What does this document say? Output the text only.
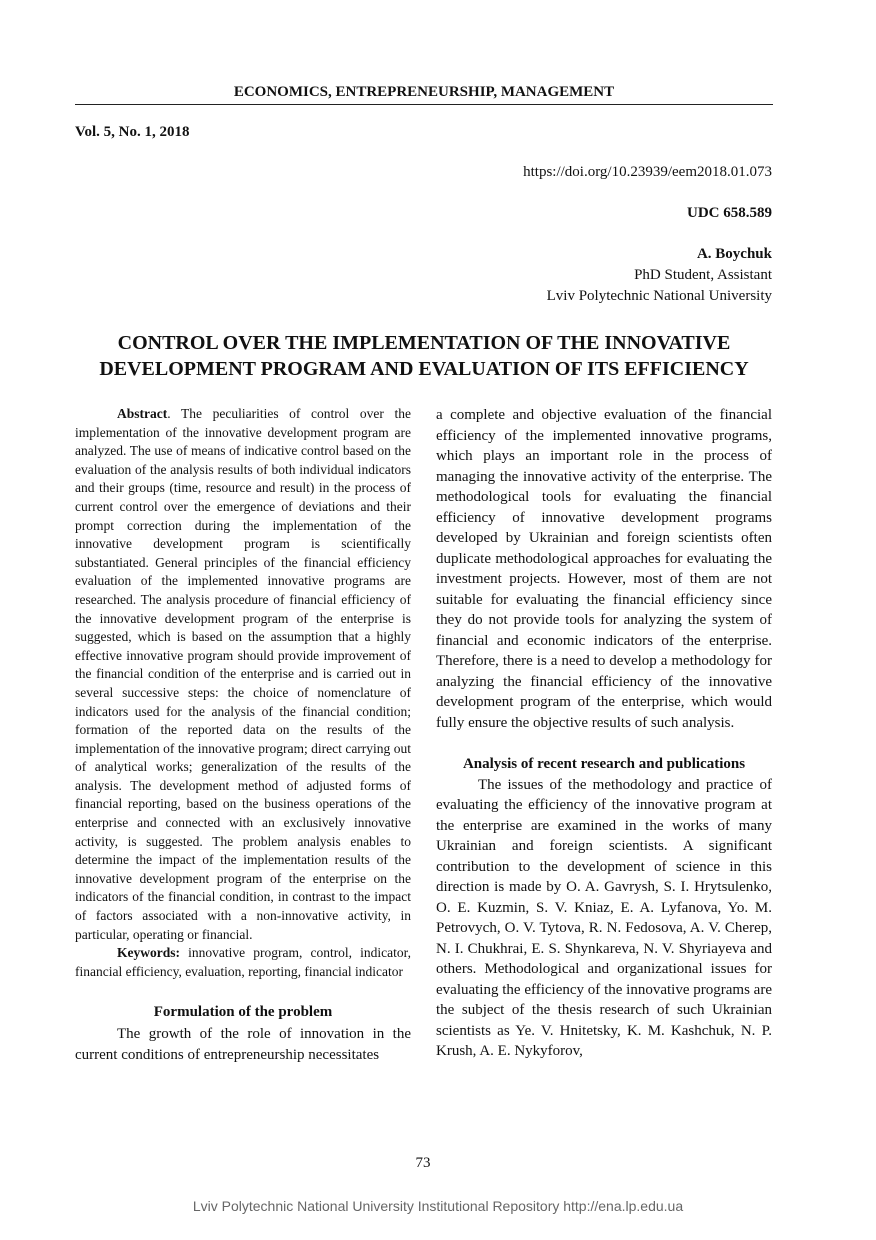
ECONOMICS, ENTREPRENEURSHIP, MANAGEMENT
Vol. 5, No. 1, 2018
https://doi.org/10.23939/eem2018.01.073
UDC 658.589
A. Boychuk
PhD Student, Assistant
Lviv Polytechnic National University
CONTROL OVER THE IMPLEMENTATION OF THE INNOVATIVE DEVELOPMENT PROGRAM AND EVALUATION OF ITS EFFICIENCY

Abstract. The peculiarities of control over the implementation of the innovative development program are analyzed. The use of means of indicative control based on the evaluation of the analysis results of both individual indicators and their groups (time, resource and result) in the process of current control over the emergence of deviations and their prompt correction during the implementation of the innovative development program is scientifically substantiated. General principles of the financial efficiency evaluation of the implemented innovative programs are researched. The analysis procedure of financial efficiency of the innovative development program of the enterprise is suggested, which is based on the assumption that a highly effective innovative program should provide improvement of the financial condition of the enterprise and is carried out in several successive steps: the choice of nomenclature of indicators used for the analysis of the financial condition; formation of the reported data on the results of the implementation of the innovative program; direct carrying out of analytical works; generalization of the results of the analysis. The development method of adjusted forms of financial reporting, based on the business operations of the enterprise and connected with an exclusively innovative activity, is suggested. The problem analysis enables to determine the impact of the implementation results of the innovative development program of the enterprise on the indicators of the financial condition, in contrast to the impact of factors associated with a non-innovative activity, in particular, operating or financial.

Keywords: innovative program, control, indicator, financial efficiency, evaluation, reporting, financial indicator

Formulation of the problem

The growth of the role of innovation in the current conditions of entrepreneurship necessitates

a complete and objective evaluation of the financial efficiency of the implemented innovative programs, which plays an important role in the process of managing the innovative activity of the enterprise. The methodological tools for evaluating the financial efficiency of innovative development programs developed by Ukrainian and foreign scientists often duplicate methodological approaches for evaluating the investment projects. However, most of them are not suitable for evaluating the financial efficiency since they do not provide tools for analyzing the system of financial and economic indicators of the enterprise. Therefore, there is a need to develop a methodology for analyzing the financial efficiency of the innovative development program of the enterprise, which would fully ensure the objective results of such analysis.

Analysis of recent research and publications

The issues of the methodology and practice of evaluating the efficiency of the innovative program at the enterprise are examined in the works of many Ukrainian and foreign scientists. A significant contribution to the development of science in this direction is made by O. A. Gavrysh, S. I. Hrytsulenko, O. E. Kuzmin, S. V. Kniaz, E. A. Lyfanova, Yo. M. Petrovych, O. V. Tytova, R. N. Fedosova, A. V. Cherep, N. I. Chukhrai, E. S. Shynkareva, N. V. Shyriayeva and others. Methodological and organizational issues for evaluating the efficiency of the innovative programs are the subject of the thesis research of such Ukrainian scientists as Ye. V. Hnitetsky, K. M. Kashchuk, N. P. Krush, A. E. Nykyforov,

73
Lviv Polytechnic National University Institutional Repository http://ena.lp.edu.ua
